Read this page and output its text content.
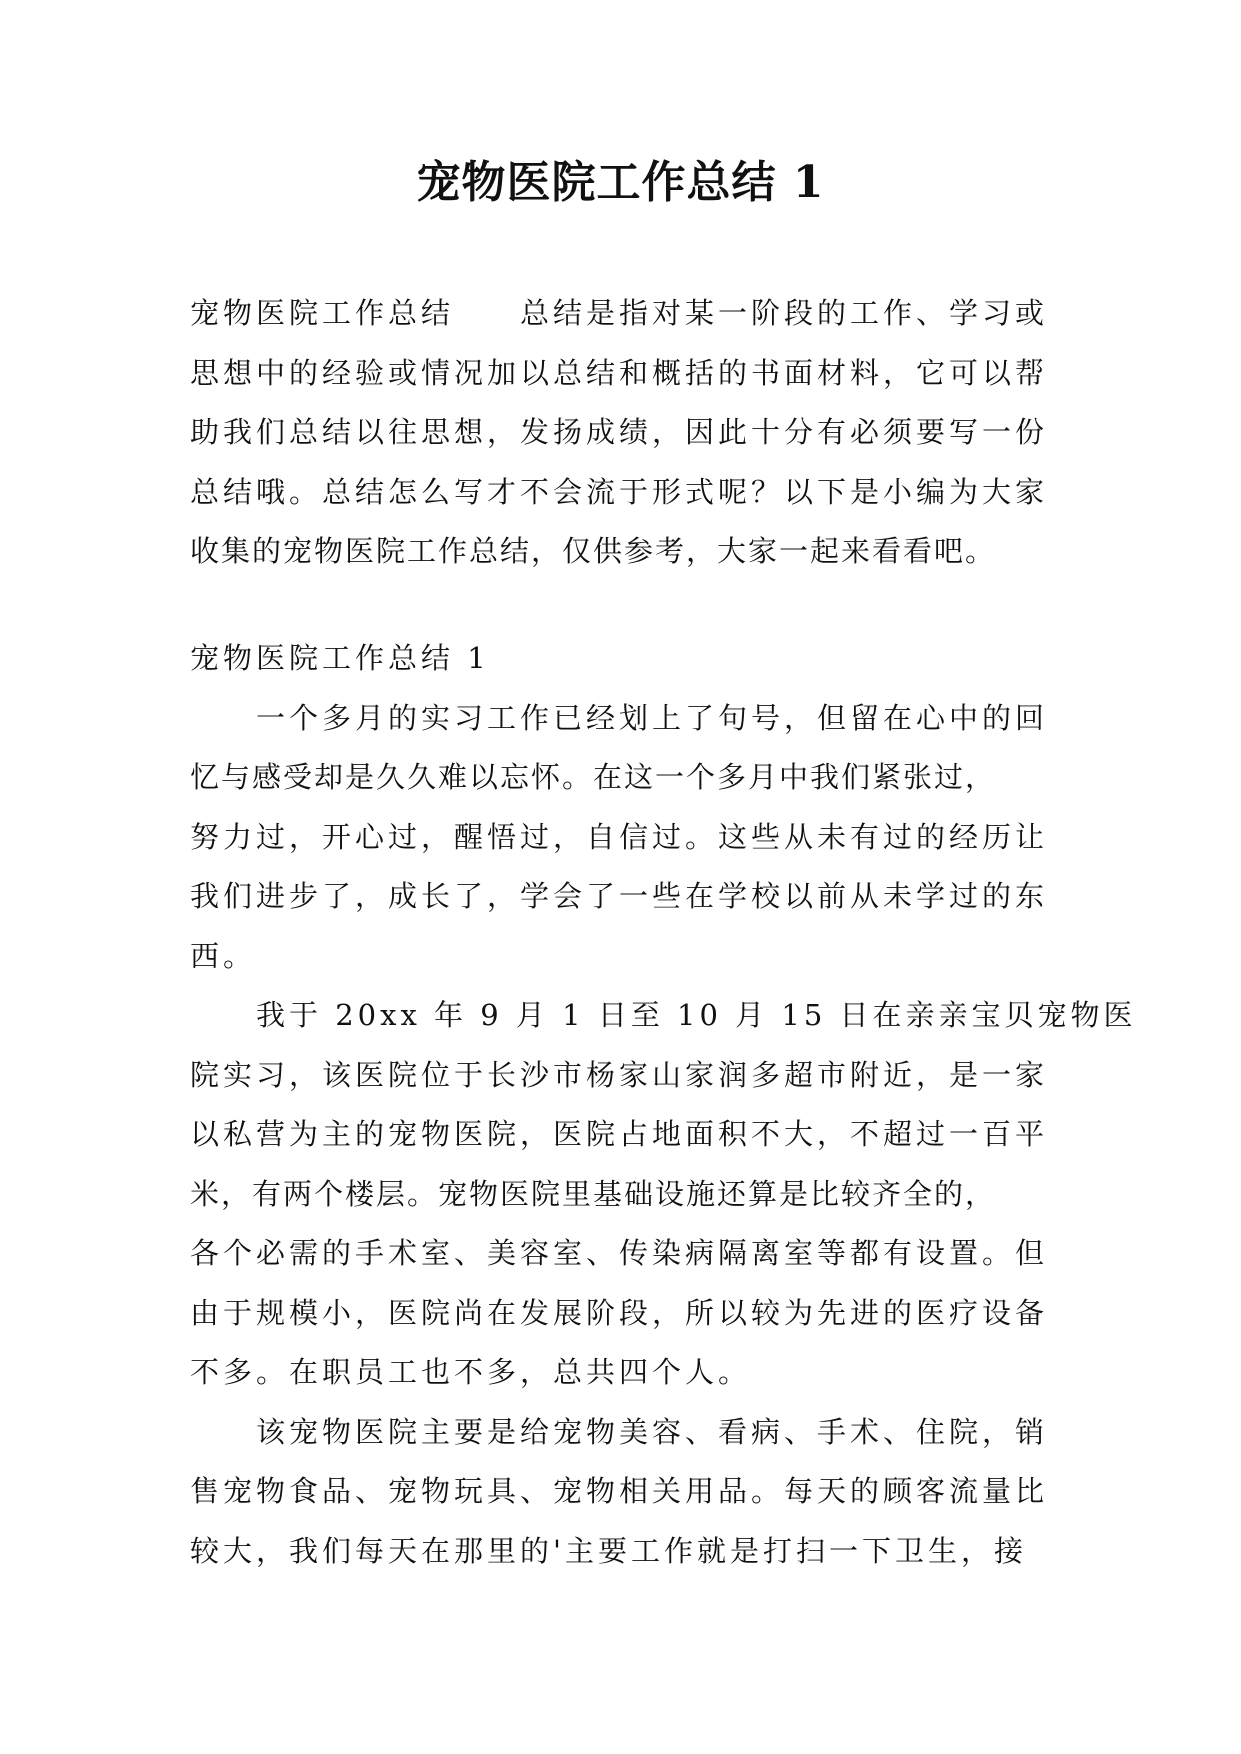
宠物医院工作总结 1
宠物医院工作总结　　总结是指对某一阶段的工作、学习或
思想中的经验或情况加以总结和概括的书面材料，它可以帮
助我们总结以往思想，发扬成绩，因此十分有必须要写一份
总结哦。总结怎么写才不会流于形式呢？以下是小编为大家
收集的宠物医院工作总结，仅供参考，大家一起来看看吧。
宠物医院工作总结 1
　　一个多月的实习工作已经划上了句号，但留在心中的回
忆与感受却是久久难以忘怀。在这一个多月中我们紧张过，
努力过，开心过，醒悟过，自信过。这些从未有过的经历让
我们进步了，成长了，学会了一些在学校以前从未学过的东
西。
　　我于 20xx 年 9 月 1 日至 10 月 15 日在亲亲宝贝宠物医
院实习，该医院位于长沙市杨家山家润多超市附近，是一家
以私营为主的宠物医院，医院占地面积不大，不超过一百平
米，有两个楼层。宠物医院里基础设施还算是比较齐全的，
各个必需的手术室、美容室、传染病隔离室等都有设置。但
由于规模小，医院尚在发展阶段，所以较为先进的医疗设备
不多。在职员工也不多，总共四个人。
　　该宠物医院主要是给宠物美容、看病、手术、住院，销
售宠物食品、宠物玩具、宠物相关用品。每天的顾客流量比
较大，我们每天在那里的'主要工作就是打扫一下卫生，接
